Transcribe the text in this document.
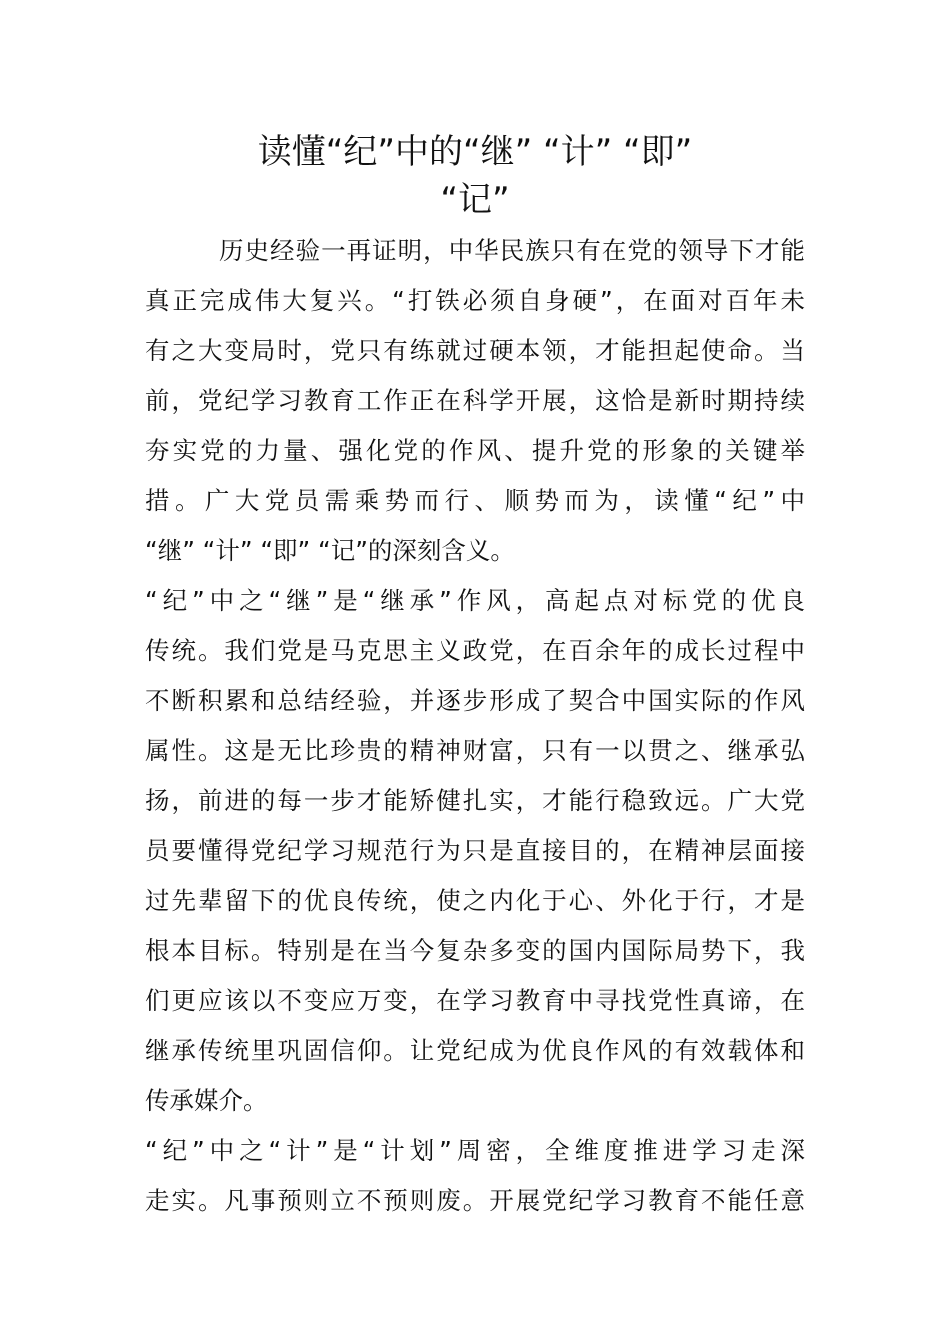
读懂“纪”中的“继” “计” “即”
“记”
历史经验一再证明，中华民族只有在党的领导下才能
真正完成伟大复兴。“打铁必须自身硬”，在面对百年未
有之大变局时，党只有练就过硬本领，才能担起使命。当
前，党纪学习教育工作正在科学开展，这恰是新时期持续
夯实党的力量、强化党的作风、提升党的形象的关键举
措。广大党员需乘势而行、顺势而为，读懂“纪”中
“继” “计” “即” “记”的深刻含义。
“纪”中之“继”是“继承”作风，高起点对标党的优良
传统。我们党是马克思主义政党，在百余年的成长过程中
不断积累和总结经验，并逐步形成了契合中国实际的作风
属性。这是无比珍贵的精神财富，只有一以贯之、继承弘
扬，前进的每一步才能矫健扎实，才能行稳致远。广大党
员要懂得党纪学习规范行为只是直接目的，在精神层面接
过先辈留下的优良传统，使之内化于心、外化于行，才是
根本目标。特别是在当今复杂多变的国内国际局势下，我
们更应该以不变应万变，在学习教育中寻找党性真谛，在
继承传统里巩固信仰。让党纪成为优良作风的有效载体和
传承媒介。
“纪”中之“计”是“计划”周密，全维度推进学习走深
走实。凡事预则立不预则废。开展党纪学习教育不能任意
